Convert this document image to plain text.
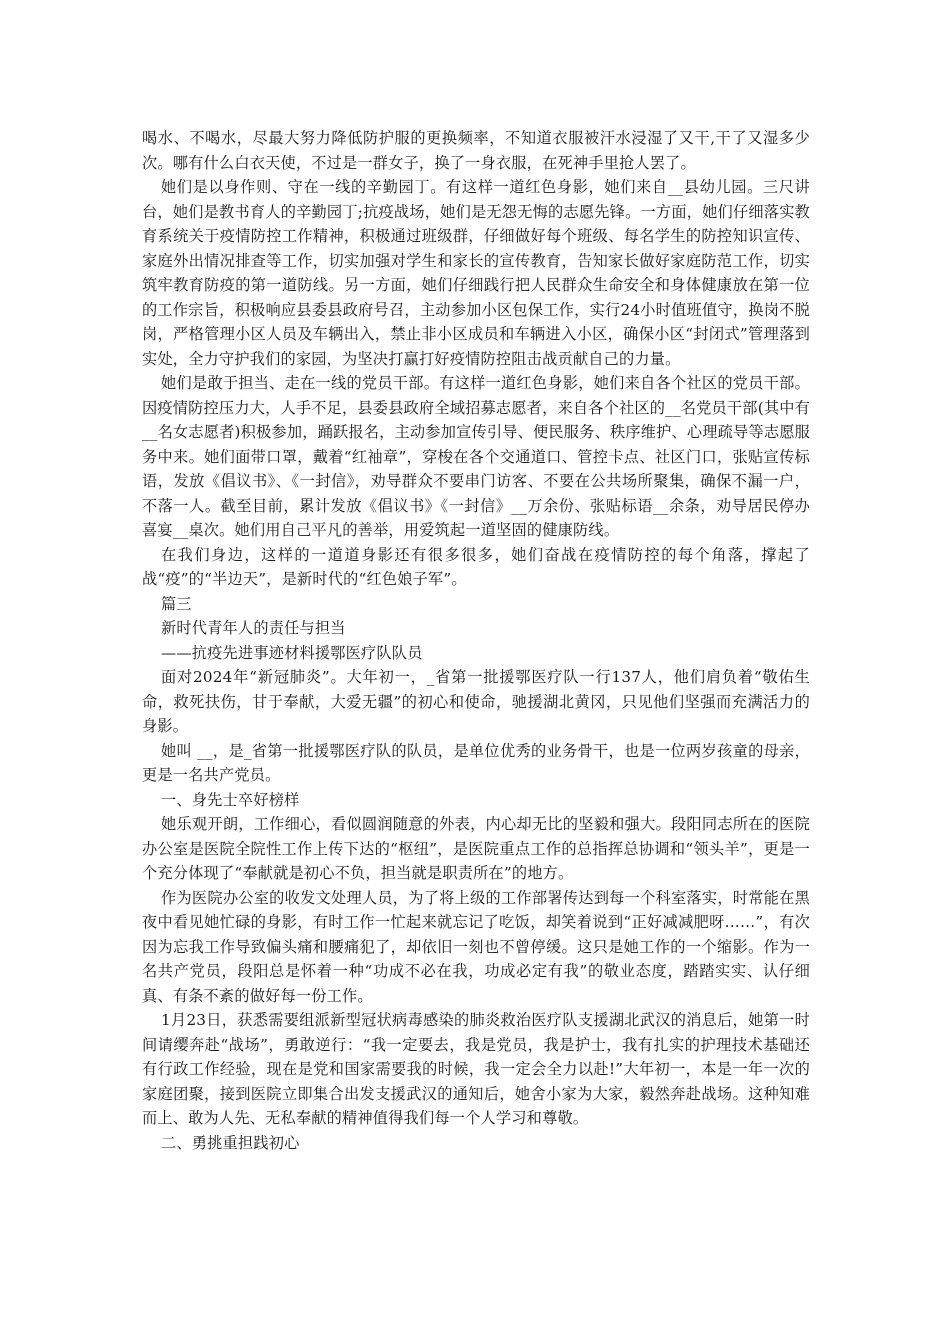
喝水、不喝水，尽最大努力降低防护服的更换频率，不知道衣服被汗水浸湿了又干,干了又湿多少次。哪有什么白衣天使，不过是一群女子，换了一身衣服，在死神手里抢人罢了。

她们是以身作则、守在一线的辛勤园丁。有这样一道红色身影，她们来自__县幼儿园。三尺讲台，她们是教书育人的辛勤园丁;抗疫战场，她们是无怨无悔的志愿先锋。一方面，她们仔细落实教育系统关于疫情防控工作精神，积极通过班级群，仔细做好每个班级、每名学生的防控知识宣传、家庭外出情况排查等工作，切实加强对学生和家长的宣传教育，告知家长做好家庭防范工作，切实筑牢教育防疫的第一道防线。另一方面，她们仔细践行把人民群众生命安全和身体健康放在第一位的工作宗旨，积极响应县委县政府号召，主动参加小区包保工作，实行24小时值班值守，换岗不脱岗，严格管理小区人员及车辆出入，禁止非小区成员和车辆进入小区，确保小区“封闭式”管理落到实处，全力守护我们的家园，为坚决打赢打好疫情防控阻击战贡献自己的力量。

她们是敢于担当、走在一线的党员干部。有这样一道红色身影，她们来自各个社区的党员干部。因疫情防控压力大，人手不足，县委县政府全域招募志愿者，来自各个社区的__名党员干部(其中有__名女志愿者)积极参加，踊跃报名，主动参加宣传引导、便民服务、秩序维护、心理疏导等志愿服务中来。她们面带口罩，戴着“红袖章”，穿梭在各个交通道口、管控卡点、社区门口，张贴宣传标语，发放《倡议书》、《一封信》，劝导群众不要串门访客、不要在公共场所聚集，确保不漏一户，不落一人。截至目前，累计发放《倡议书》《一封信》__万余份、张贴标语__余条，劝导居民停办喜宴__桌次。她们用自己平凡的善举，用爱筑起一道坚固的健康防线。

在我们身边，这样的一道道身影还有很多很多，她们奋战在疫情防控的每个角落，撑起了战“疫”的“半边天”，是新时代的“红色娘子军”。

篇三

新时代青年人的责任与担当

——抗疫先进事迹材料援鄂医疗队队员

面对2024年“新冠肺炎”。大年初一，_省第一批援鄂医疗队一行137人，他们肩负着“敬佑生命，救死扶伤，甘于奉献，大爱无疆”的初心和使命，驰援湖北黄冈，只见他们坚强而充满活力的身影。

她叫 __，是_省第一批援鄂医疗队的队员，是单位优秀的业务骨干，也是一位两岁孩童的母亲，更是一名共产党员。

一、身先士卒好榜样

她乐观开朗，工作细心，看似圆润随意的外表，内心却无比的坚毅和强大。段阳同志所在的医院办公室是医院全院性工作上传下达的“枢纽”，是医院重点工作的总指挥总协调和“领头羊”，更是一个充分体现了“奉献就是初心不负，担当就是职责所在”的地方。

作为医院办公室的收发文处理人员，为了将上级的工作部署传达到每一个科室落实，时常能在黑夜中看见她忙碌的身影，有时工作一忙起来就忘记了吃饭，却笑着说到“正好减减肥呀……”，有次因为忘我工作导致偏头痛和腰痛犯了，却依旧一刻也不曾停缓。这只是她工作的一个缩影。作为一名共产党员，段阳总是怀着一种“功成不必在我，功成必定有我”的敬业态度，踏踏实实、认仔细真、有条不紊的做好每一份工作。

1月23日，获悉需要组派新型冠状病毒感染的肺炎救治医疗队支援湖北武汉的消息后，她第一时间请缨奔赴“战场”，勇敢逆行：“我一定要去，我是党员，我是护士，我有扎实的护理技术基础还有行政工作经验，现在是党和国家需要我的时候，我一定会全力以赴!”大年初一，本是一年一次的家庭团聚，接到医院立即集合出发支援武汉的通知后，她舍小家为大家，毅然奔赴战场。这种知难而上、敢为人先、无私奉献的精神值得我们每一个人学习和尊敬。

二、勇挑重担践初心
